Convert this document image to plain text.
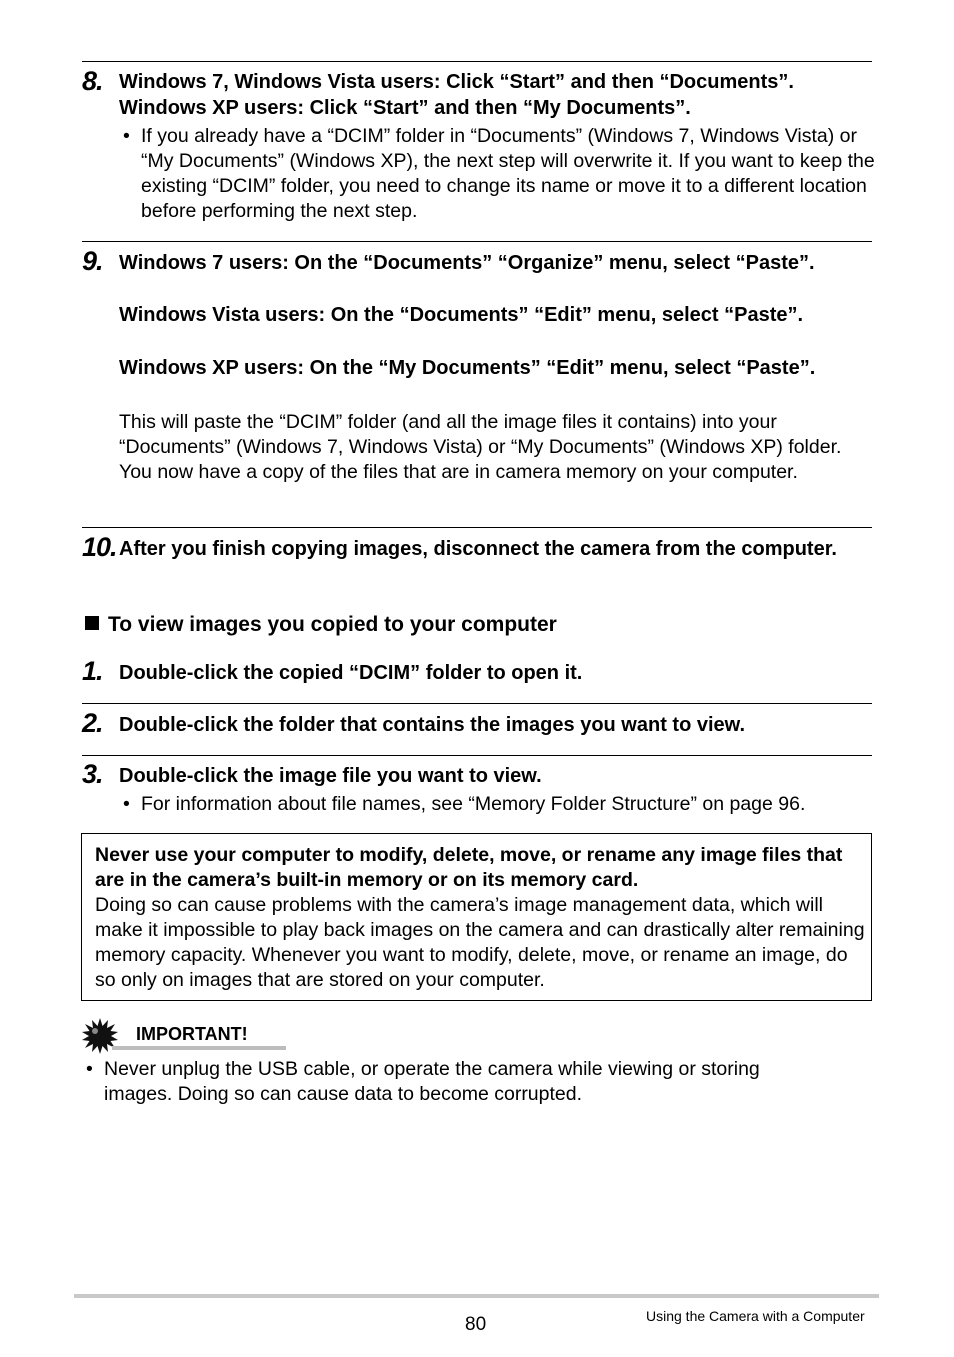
8. Windows 7, Windows Vista users: Click “Start” and then “Documents”.
Windows XP users: Click “Start” and then “My Documents”.
• If you already have a “DCIM” folder in “Documents” (Windows 7, Windows Vista) or “My Documents” (Windows XP), the next step will overwrite it. If you want to keep the existing “DCIM” folder, you need to change its name or move it to a different location before performing the next step.
9. Windows 7 users: On the “Documents” “Organize” menu, select “Paste”.
Windows Vista users: On the “Documents” “Edit” menu, select “Paste”.
Windows XP users: On the “My Documents” “Edit” menu, select “Paste”.
This will paste the “DCIM” folder (and all the image files it contains) into your “Documents” (Windows 7, Windows Vista) or “My Documents” (Windows XP) folder. You now have a copy of the files that are in camera memory on your computer.
10. After you finish copying images, disconnect the camera from the computer.
To view images you copied to your computer
1. Double-click the copied “DCIM” folder to open it.
2. Double-click the folder that contains the images you want to view.
3. Double-click the image file you want to view.
• For information about file names, see “Memory Folder Structure” on page 96.
Never use your computer to modify, delete, move, or rename any image files that are in the camera’s built-in memory or on its memory card.
Doing so can cause problems with the camera’s image management data, which will make it impossible to play back images on the camera and can drastically alter remaining memory capacity. Whenever you want to modify, delete, move, or rename an image, do so only on images that are stored on your computer.
IMPORTANT!
• Never unplug the USB cable, or operate the camera while viewing or storing images. Doing so can cause data to become corrupted.
80	Using the Camera with a Computer
